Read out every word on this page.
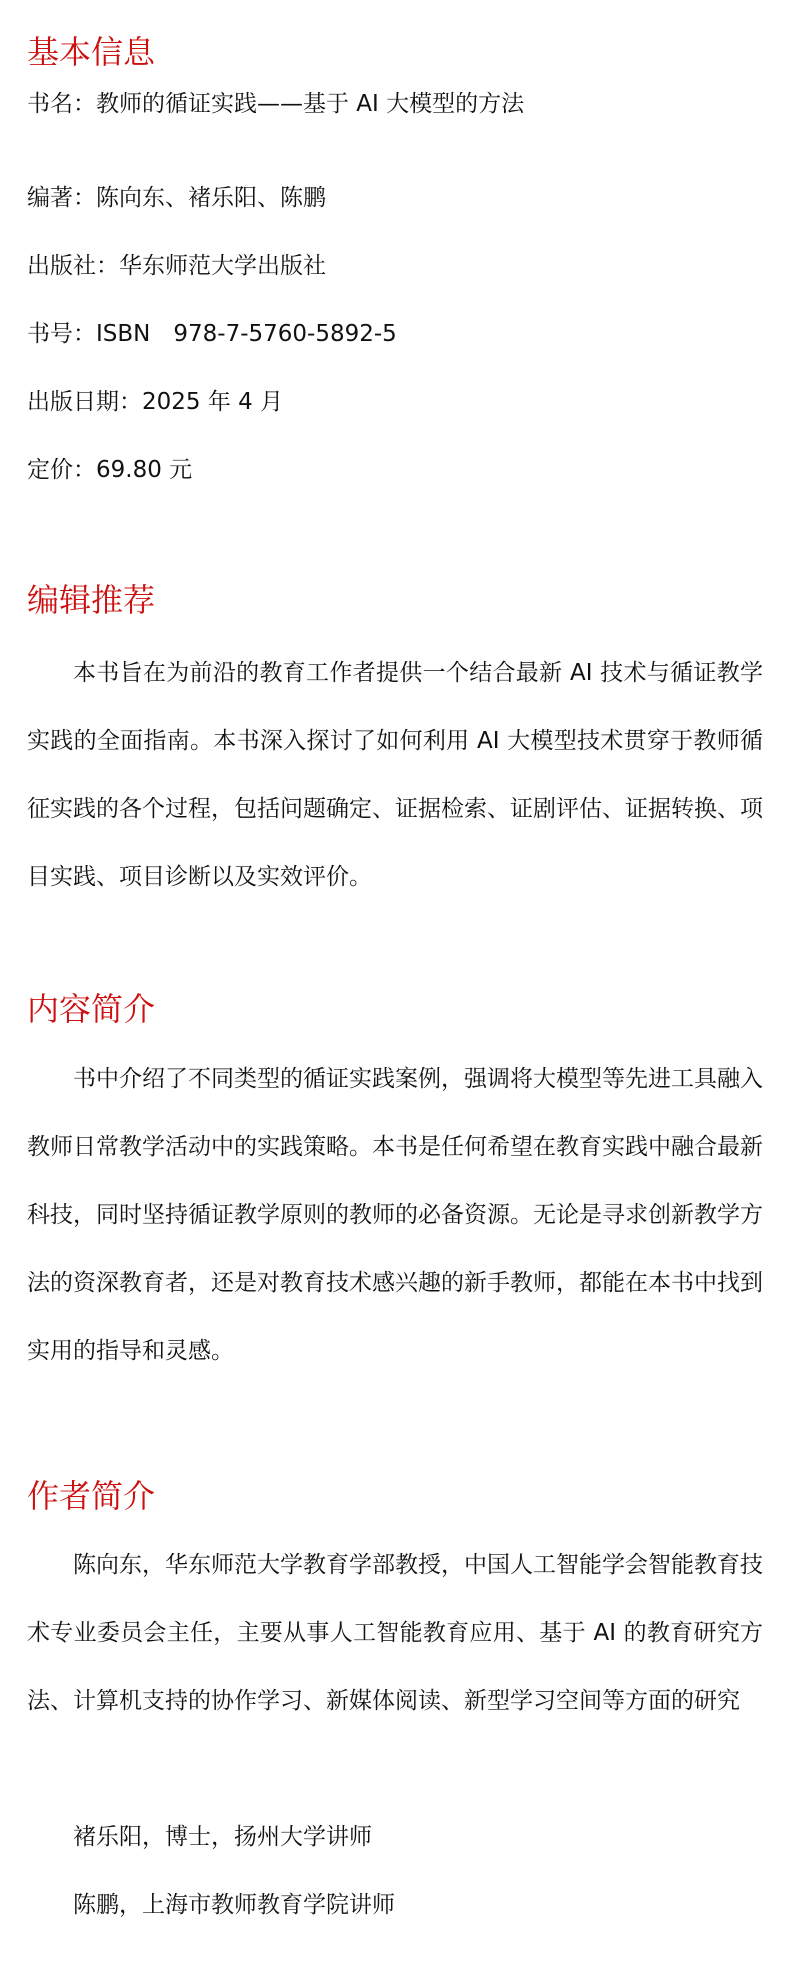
基本信息

书名：教师的循证实践——基于 AI 大模型的方法

编著：陈向东、褚乐阳、陈鹏

出版社：华东师范大学出版社

书号：ISBN　978-7-5760-5892-5

出版日期：2025 年 4 月

定价：69.80 元

编辑推荐

本书旨在为前沿的教育工作者提供一个结合最新 AI 技术与循证教学实践的全面指南。本书深入探讨了如何利用 AI 大模型技术贯穿于教师循征实践的各个过程，包括问题确定、证据检索、证剧评估、证据转换、项目实践、项目诊断以及实效评价。

内容简介

书中介绍了不同类型的循证实践案例，强调将大模型等先进工具融入教师日常教学活动中的实践策略。本书是任何希望在教育实践中融合最新科技，同时坚持循证教学原则的教师的必备资源。无论是寻求创新教学方法的资深教育者，还是对教育技术感兴趣的新手教师，都能在本书中找到实用的指导和灵感。

作者简介

陈向东，华东师范大学教育学部教授，中国人工智能学会智能教育技术专业委员会主任，主要从事人工智能教育应用、基于 AI 的教育研究方法、计算机支持的协作学习、新媒体阅读、新型学习空间等方面的研究

褚乐阳，博士，扬州大学讲师

陈鹏，上海市教师教育学院讲师
